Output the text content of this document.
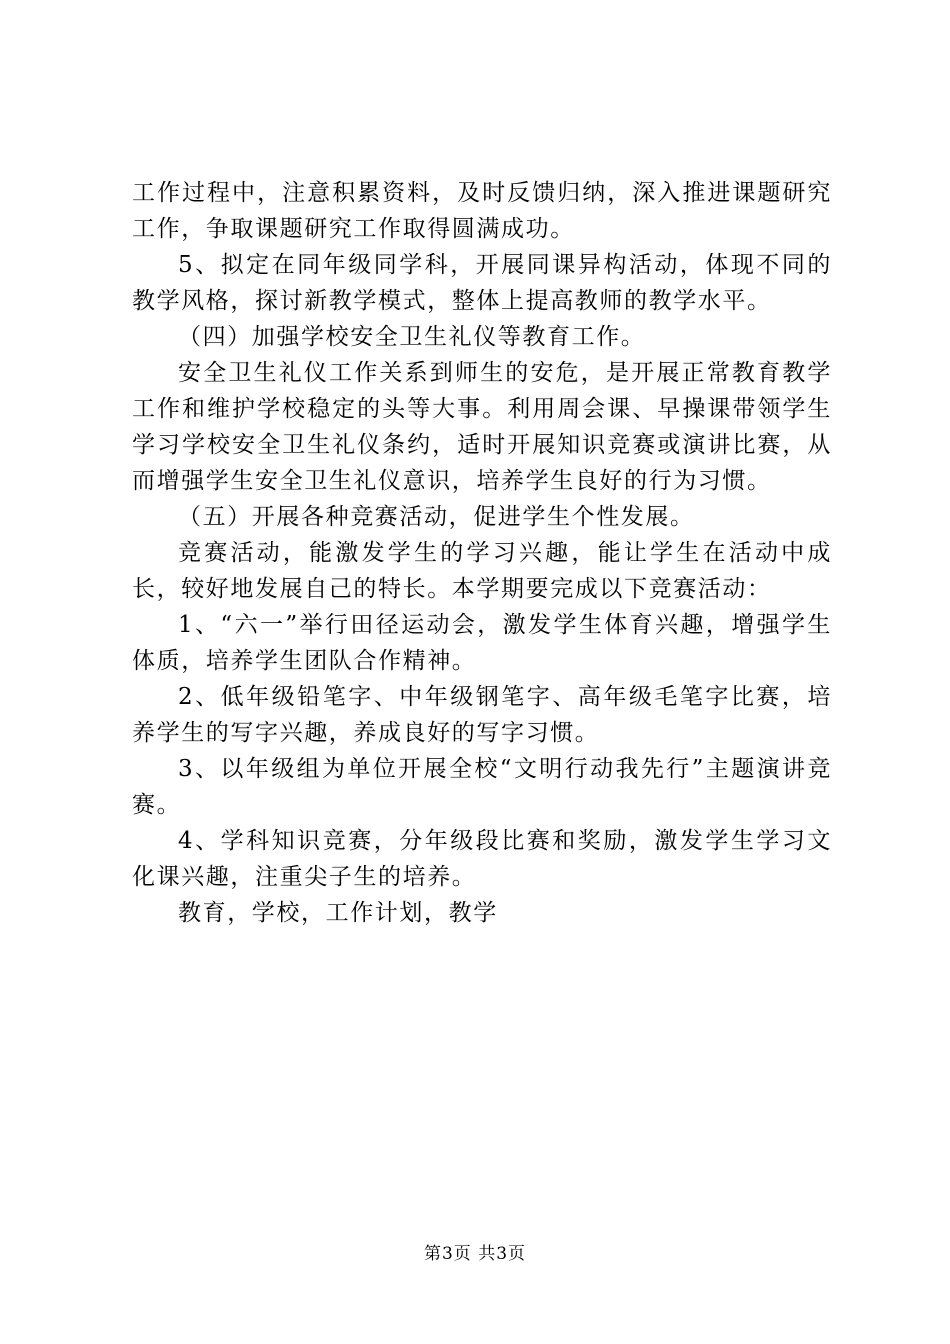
工作过程中，注意积累资料，及时反馈归纳，深入推进课题研究工作，争取课题研究工作取得圆满成功。

5、拟定在同年级同学科，开展同课异构活动，体现不同的教学风格，探讨新教学模式，整体上提高教师的教学水平。

（四）加强学校安全卫生礼仪等教育工作。

安全卫生礼仪工作关系到师生的安危，是开展正常教育教学工作和维护学校稳定的头等大事。利用周会课、早操课带领学生学习学校安全卫生礼仪条约，适时开展知识竞赛或演讲比赛，从而增强学生安全卫生礼仪意识，培养学生良好的行为习惯。

（五）开展各种竞赛活动，促进学生个性发展。

竞赛活动，能激发学生的学习兴趣，能让学生在活动中成长，较好地发展自己的特长。本学期要完成以下竞赛活动：

1、“六一”举行田径运动会，激发学生体育兴趣，增强学生体质，培养学生团队合作精神。

2、低年级铅笔字、中年级钢笔字、高年级毛笔字比赛，培养学生的写字兴趣，养成良好的写字习惯。

3、以年级组为单位开展全校“文明行动我先行”主题演讲竞赛。

4、学科知识竞赛，分年级段比赛和奖励，激发学生学习文化课兴趣，注重尖子生的培养。

教育，学校，工作计划，教学

第3页 共3页
